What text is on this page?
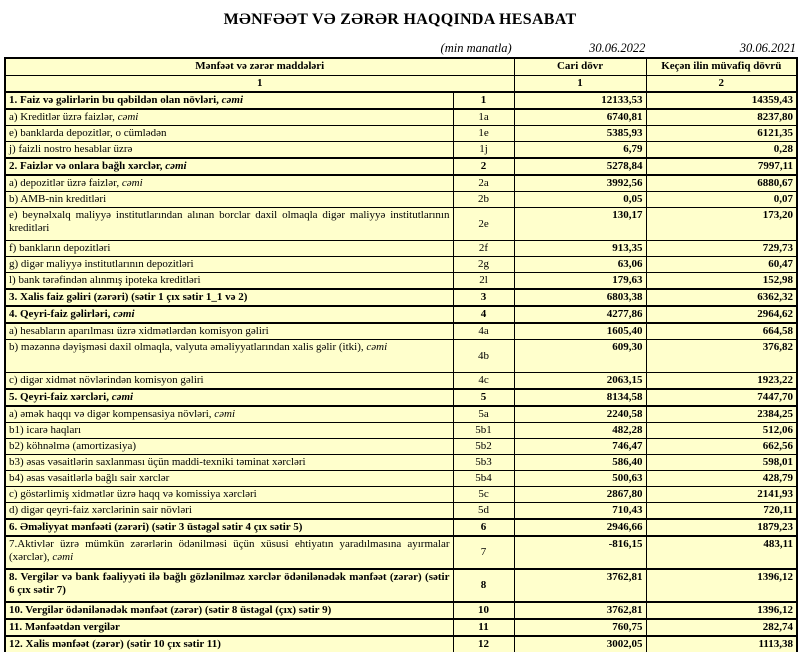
MƏNFƏƏT VƏ ZƏRƏR HAQQINDA HESABAT
(min manatla)	30.06.2022	30.06.2021
Mənfəət və zərər maddələri		Cari dövr	Keçən ilin müvafiq dövrü
1		1	2
1. Faiz və gəlirlərin bu qəbildən olan növləri, cəmi	1	12133,53	14359,43
a) Kreditlər üzrə faizlər, cəmi	1a	6740,81	8237,80
e) banklarda depozitlər, o cümlədən	1e	5385,93	6121,35
j) faizli nostro hesablar üzrə	1j	6,79	0,28
2. Faizlər və onlara bağlı xərclər, cəmi	2	5278,84	7997,11
a) depozitlər üzrə faizlər, cəmi	2a	3992,56	6880,67
b) AMB-nin kreditləri	2b	0,05	0,07
e) beynəlxalq maliyyə institutlarından alınan borclar daxil olmaqla digər maliyyə institutlarının kreditləri	2e	130,17	173,20
f) bankların depozitləri	2f	913,35	729,73
g) digər maliyyə institutlarının depozitləri	2g	63,06	60,47
l) bank tərəfindən alınmış ipoteka kreditləri	2l	179,63	152,98
3. Xalis faiz gəliri (zərəri) (sətir 1 çıx sətir 1_1 və 2)	3	6803,38	6362,32
4. Qeyri-faiz gəlirləri, cəmi	4	4277,86	2964,62
a) hesabların aparılması üzrə xidmətlərdən komisyon gəliri	4a	1605,40	664,58
b) məzənnə dəyişməsi daxil olmaqla, valyuta əməliyyatlarından xalis gəlir (itki), cəmi	4b	609,30	376,82
c) digər xidmət növlərindən komisyon gəliri	4c	2063,15	1923,22
5. Qeyri-faiz xərcləri, cəmi	5	8134,58	7447,70
a) əmək haqqı və digər kompensasiya növləri, cəmi	5a	2240,58	2384,25
b1) icarə haqları	5b1	482,28	512,06
b2) köhnəlmə (amortizasiya)	5b2	746,47	662,56
b3) əsas vəsaitlərin saxlanması üçün maddi-texniki təminat xərcləri	5b3	586,40	598,01
b4) əsas vəsaitlərlə bağlı sair xərclər	5b4	500,63	428,79
c) göstərlimiş xidmətlər üzrə haqq və komissiya xərcləri	5c	2867,80	2141,93
d) digər qeyri-faiz xərclərinin sair növləri	5d	710,43	720,11
6. Əməliyyat mənfəəti (zərəri) (sətir 3 üstəgəl sətir 4 çıx sətir 5)	6	2946,66	1879,23
7.Aktivlər üzrə mümkün zərərlərin ödənilməsi üçün xüsusi ehtiyatın yaradılmasına ayırmalar (xərclər), cəmi	7	-816,15	483,11
8. Vergilər və bank fəaliyyəti ilə bağlı gözlənilməz xərclər ödənilənədək mənfəət (zərər) (sətir 6 çıx sətir 7)	8	3762,81	1396,12
10. Vergilər ödənilənədək mənfəət (zərər) (sətir 8 üstəgəl (çıx) sətir 9)	10	3762,81	1396,12
11. Mənfəətdən vergilər	11	760,75	282,74
12. Xalis mənfəət (zərər) (sətir 10 çıx sətir 11)	12	3002,05	1113,38
